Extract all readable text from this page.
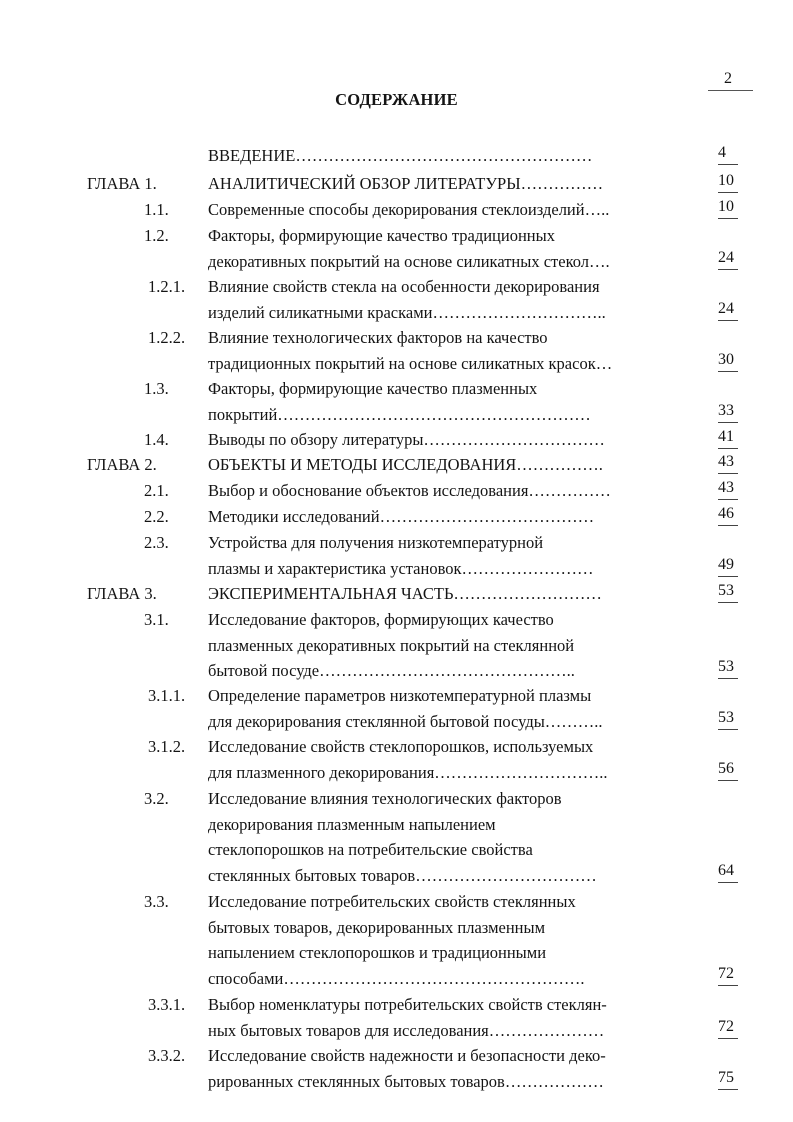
2
СОДЕРЖАНИЕ
ВВЕДЕНИЕ………………………………………………	4
ГЛАВА 1.	АНАЛИТИЧЕСКИЙ ОБЗОР ЛИТЕРАТУРЫ……………	10
1.1. Современные способы декорирования стеклоизделий…..	10
1.2. Факторы, формирующие качество традиционных
декоративных покрытий на основе силикатных стекол….	24
1.2.1. Влияние свойств стекла на особенности декорирования
изделий силикатными красками…………………………..	24
1.2.2. Влияние технологических факторов на качество
традиционных покрытий на основе силикатных красок…	30
1.3. Факторы, формирующие качество плазменных
покрытий…………………………………………………	33
1.4. Выводы по обзору литературы……………………………	41
ГЛАВА 2.	ОБЪЕКТЫ И МЕТОДЫ ИССЛЕДОВАНИЯ…………….	43
2.1. Выбор и обоснование объектов исследования……………	43
2.2. Методики исследований…………………………………	46
2.3. Устройства для получения низкотемпературной
плазмы и характеристика установок……………………	49
ГЛАВА 3.	ЭКСПЕРИМЕНТАЛЬНАЯ ЧАСТЬ………………………	53
3.1. Исследование факторов, формирующих качество
плазменных декоративных покрытий на стеклянной
бытовой посуде………………………………………..	53
3.1.1. Определение параметров низкотемпературной плазмы
для декорирования стеклянной бытовой посуды………..	53
3.1.2. Исследование свойств стеклопорошков, используемых
для плазменного декорирования…………………………..	56
3.2. Исследование влияния технологических факторов
декорирования плазменным напылением
стеклопорошков на потребительские свойства
стеклянных бытовых товаров……………………………	64
3.3. Исследование потребительских свойств стеклянных
бытовых товаров, декорированных плазменным
напылением стеклопорошков и традиционными
способами……………………………………………….	72
3.3.1. Выбор номенклатуры потребительских свойств стеклян-
ных бытовых товаров для исследования…………………	72
3.3.2. Исследование свойств надежности и безопасности деко-
рированных стеклянных бытовых товаров………………	75
